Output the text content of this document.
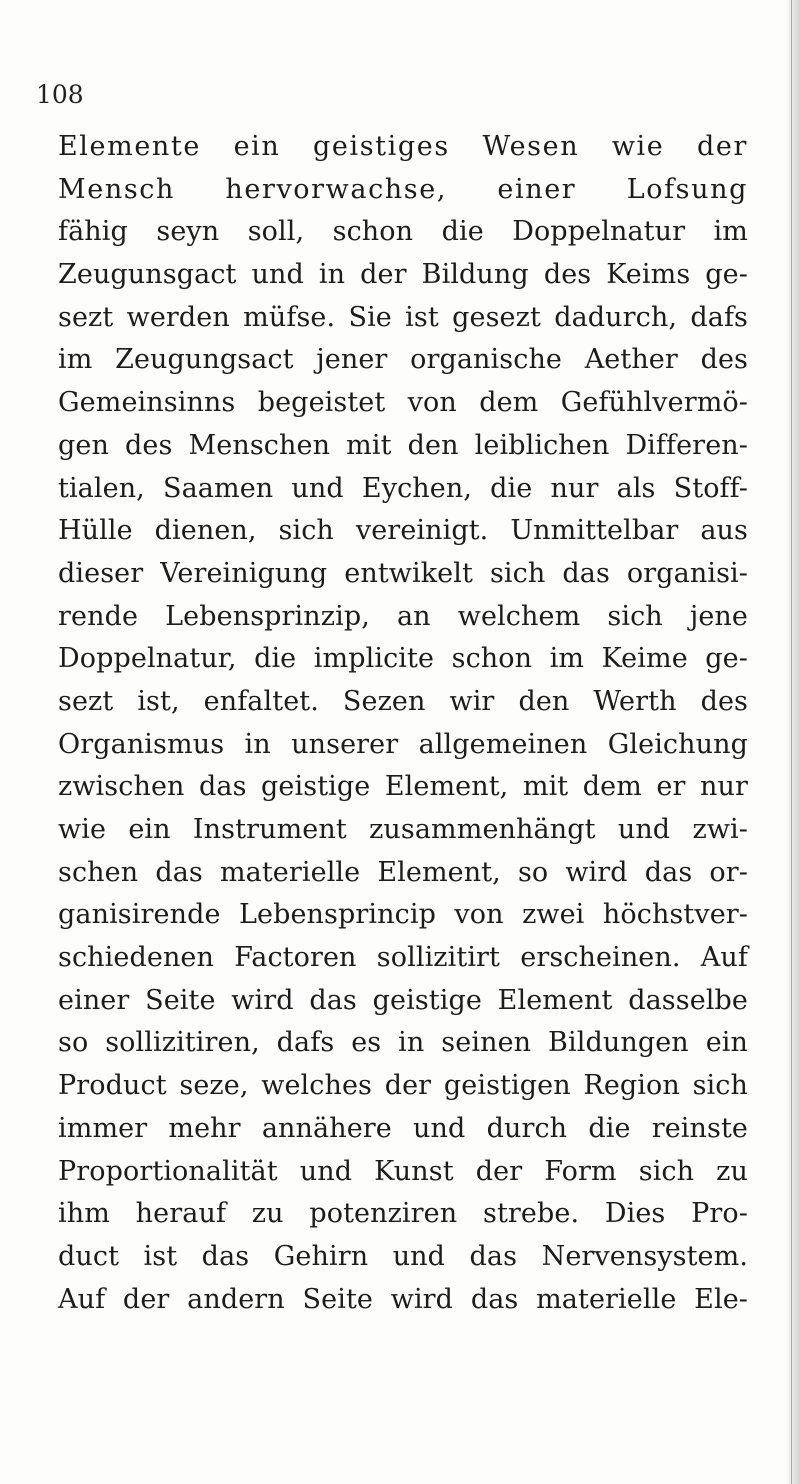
108
Elemente ein geistiges Wesen wie der
Mensch hervorwachse, einer Lofsung
fähig seyn soll, schon die Doppelnatur im
Zeugunsgact und in der Bildung des Keims ge-
sezt werden müfse. Sie ist gesezt dadurch, dafs
im Zeugungsact jener organische Aether des
Gemeinsinns begeistet von dem Gefühlvermö-
gen des Menschen mit den leiblichen Differen-
tialen, Saamen und Eychen, die nur als Stoff-
Hülle dienen, sich vereinigt. Unmittelbar aus
dieser Vereinigung entwikelt sich das organisi-
rende Lebensprinzip, an welchem sich jene
Doppelnatur, die implicite schon im Keime ge-
sezt ist, enfaltet. Sezen wir den Werth des
Organismus in unserer allgemeinen Gleichung
zwischen das geistige Element, mit dem er nur
wie ein Instrument zusammenhängt und zwi-
schen das materielle Element, so wird das or-
ganisirende Lebensprincip von zwei höchstver-
schiedenen Factoren sollizitirt erscheinen. Auf
einer Seite wird das geistige Element dasselbe
so sollizitiren, dafs es in seinen Bildungen ein
Product seze, welches der geistigen Region sich
immer mehr annähere und durch die reinste
Proportionalität und Kunst der Form sich zu
ihm herauf zu potenziren strebe. Dies Pro-
duct ist das Gehirn und das Nervensystem.
Auf der andern Seite wird das materielle Ele-
